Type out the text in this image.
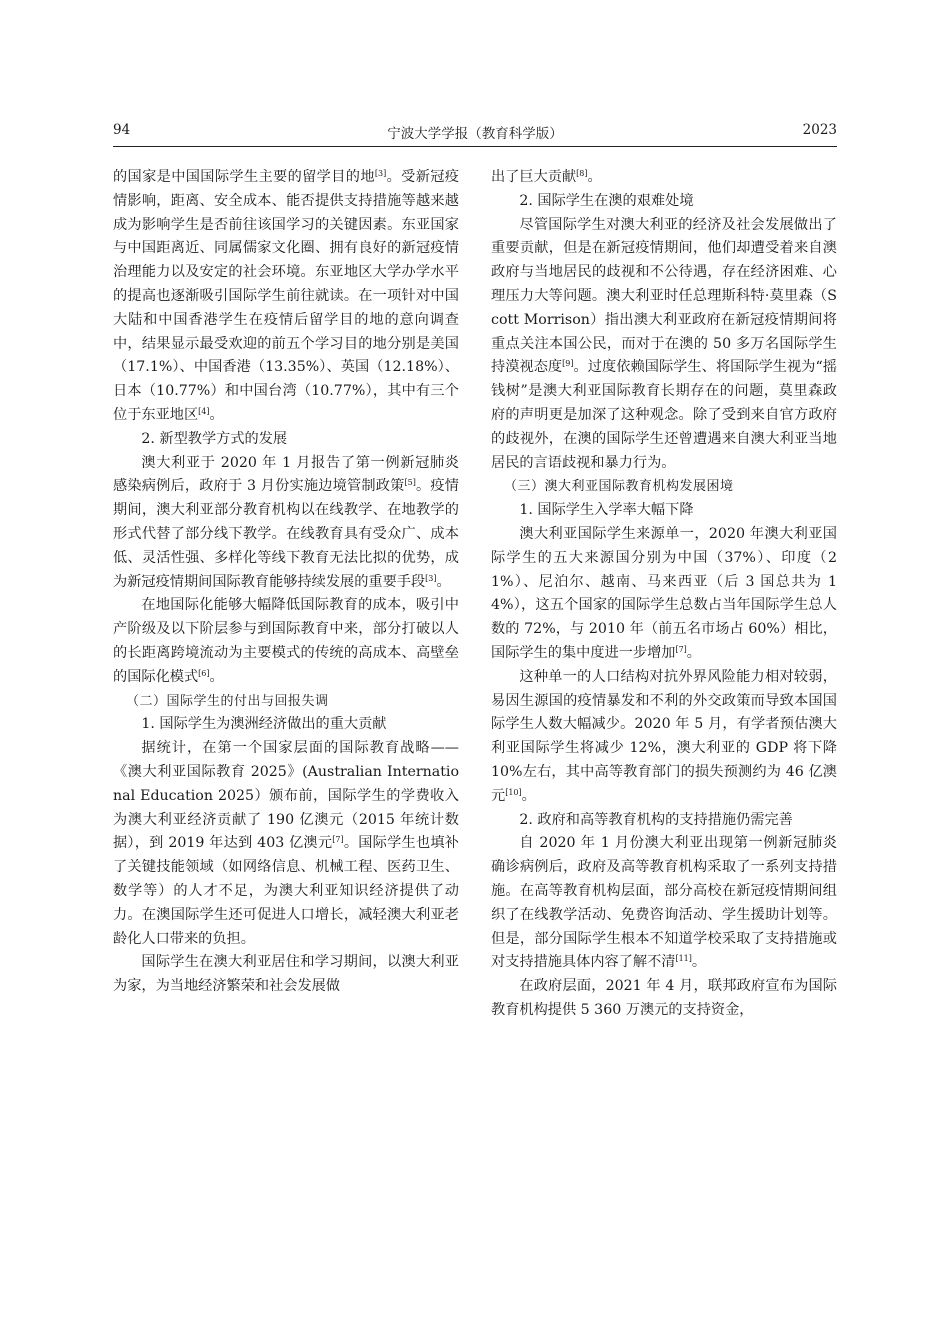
94	宁波大学学报（教育科学版）	2023

的国家是中国国际学生主要的留学目的地[3]。受新冠疫情影响，距离、安全成本、能否提供支持措施等越来越成为影响学生是否前往该国学习的关键因素。东亚国家与中国距离近、同属儒家文化圈、拥有良好的新冠疫情治理能力以及安定的社会环境。东亚地区大学办学水平的提高也逐渐吸引国际学生前往就读。在一项针对中国大陆和中国香港学生在疫情后留学目的地的意向调查中，结果显示最受欢迎的前五个学习目的地分别是美国（17.1%）、中国香港（13.35%）、英国（12.18%）、日本（10.77%）和中国台湾（10.77%），其中有三个位于东亚地区[4]。

2. 新型教学方式的发展

澳大利亚于 2020 年 1 月报告了第一例新冠肺炎感染病例后，政府于 3 月份实施边境管制政策[5]。疫情期间，澳大利亚部分教育机构以在线教学、在地教学的形式代替了部分线下教学。在线教育具有受众广、成本低、灵活性强、多样化等线下教育无法比拟的优势，成为新冠疫情期间国际教育能够持续发展的重要手段[3]。

在地国际化能够大幅降低国际教育的成本，吸引中产阶级及以下阶层参与到国际教育中来，部分打破以人的长距离跨境流动为主要模式的传统的高成本、高壁垒的国际化模式[6]。

（二）国际学生的付出与回报失调
1. 国际学生为澳洲经济做出的重大贡献

据统计，在第一个国家层面的国际教育战略——《澳大利亚国际教育 2025》(Australian International Education 2025）颁布前，国际学生的学费收入为澳大利亚经济贡献了 190 亿澳元（2015 年统计数据），到 2019 年达到 403 亿澳元[7]。国际学生也填补了关键技能领域（如网络信息、机械工程、医药卫生、数学等）的人才不足，为澳大利亚知识经济提供了动力。在澳国际学生还可促进人口增长，减轻澳大利亚老龄化人口带来的负担。

国际学生在澳大利亚居住和学习期间，以澳大利亚为家，为当地经济繁荣和社会发展做

出了巨大贡献[8]。

2. 国际学生在澳的艰难处境

尽管国际学生对澳大利亚的经济及社会发展做出了重要贡献，但是在新冠疫情期间，他们却遭受着来自澳政府与当地居民的歧视和不公待遇，存在经济困难、心理压力大等问题。澳大利亚时任总理斯科特·莫里森（Scott Morrison）指出澳大利亚政府在新冠疫情期间将重点关注本国公民，而对于在澳的 50 多万名国际学生持漠视态度[9]。过度依赖国际学生、将国际学生视为“摇钱树”是澳大利亚国际教育长期存在的问题，莫里森政府的声明更是加深了这种观念。除了受到来自官方政府的歧视外，在澳的国际学生还曾遭遇来自澳大利亚当地居民的言语歧视和暴力行为。

（三）澳大利亚国际教育机构发展困境
1. 国际学生入学率大幅下降

澳大利亚国际学生来源单一，2020 年澳大利亚国际学生的五大来源国分别为中国（37%）、印度（21%）、尼泊尔、越南、马来西亚（后 3 国总共为 14%），这五个国家的国际学生总数占当年国际学生总人数的 72%，与 2010 年（前五名市场占 60%）相比，国际学生的集中度进一步增加[7]。

这种单一的人口结构对抗外界风险能力相对较弱，易因生源国的疫情暴发和不利的外交政策而导致本国国际学生人数大幅减少。2020 年 5 月，有学者预估澳大利亚国际学生将减少 12%，澳大利亚的 GDP 将下降 10%左右，其中高等教育部门的损失预测约为 46 亿澳元[10]。

2. 政府和高等教育机构的支持措施仍需完善

自 2020 年 1 月份澳大利亚出现第一例新冠肺炎确诊病例后，政府及高等教育机构采取了一系列支持措施。在高等教育机构层面，部分高校在新冠疫情期间组织了在线教学活动、免费咨询活动、学生援助计划等。但是，部分国际学生根本不知道学校采取了支持措施或对支持措施具体内容了解不清[11]。

在政府层面，2021 年 4 月，联邦政府宣布为国际教育机构提供 5 360 万澳元的支持资金，
